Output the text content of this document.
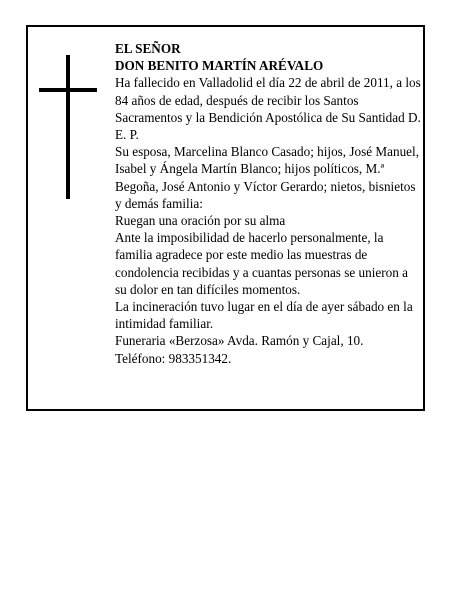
EL SEÑOR

DON BENITO MARTÍN ARÉVALO

Ha fallecido en Valladolid el día 22 de abril de 2011, a los 84 años de edad, después de recibir los Santos Sacramentos y la Bendición Apostólica de Su Santidad D. E. P.

Su esposa, Marcelina Blanco Casado; hijos, José Manuel, Isabel y Ángela Martín Blanco; hijos políticos, M.ª Begoña, José Antonio y Víctor Gerardo; nietos, bisnietos y demás familia:

Ruegan una oración por su alma

Ante la imposibilidad de hacerlo personalmente, la familia agradece por este medio las muestras de condolencia recibidas y a cuantas personas se unieron a su dolor en tan difíciles momentos.

La incineración tuvo lugar en el día de ayer sábado en la intimidad familiar.

Funeraria «Berzosa» Avda. Ramón y Cajal, 10.

Teléfono: 983351342.
